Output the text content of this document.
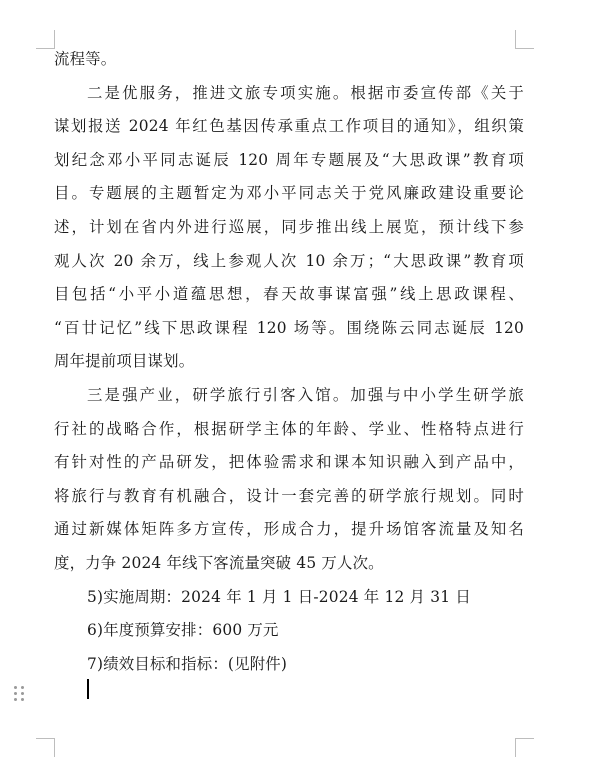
流程等。
二是优服务，推进文旅专项实施。根据市委宣传部《关于
谋划报送 2024 年红色基因传承重点工作项目的通知》，组织策
划纪念邓小平同志诞辰 120 周年专题展及“大思政课”教育项
目。专题展的主题暂定为邓小平同志关于党风廉政建设重要论
述，计划在省内外进行巡展，同步推出线上展览，预计线下参
观人次 20 余万，线上参观人次 10 余万；“大思政课”教育项
目包括“小平小道蕴思想，春天故事谋富强”线上思政课程、
“百廿记忆”线下思政课程 120 场等。围绕陈云同志诞辰 120
周年提前项目谋划。
三是强产业，研学旅行引客入馆。加强与中小学生研学旅
行社的战略合作，根据研学主体的年龄、学业、性格特点进行
有针对性的产品研发，把体验需求和课本知识融入到产品中，
将旅行与教育有机融合，设计一套完善的研学旅行规划。同时
通过新媒体矩阵多方宣传，形成合力，提升场馆客流量及知名
度，力争 2024 年线下客流量突破 45 万人次。
5)实施周期：2024 年 1 月 1 日-2024 年 12 月 31 日
6)年度预算安排：600 万元
7)绩效目标和指标：(见附件)
